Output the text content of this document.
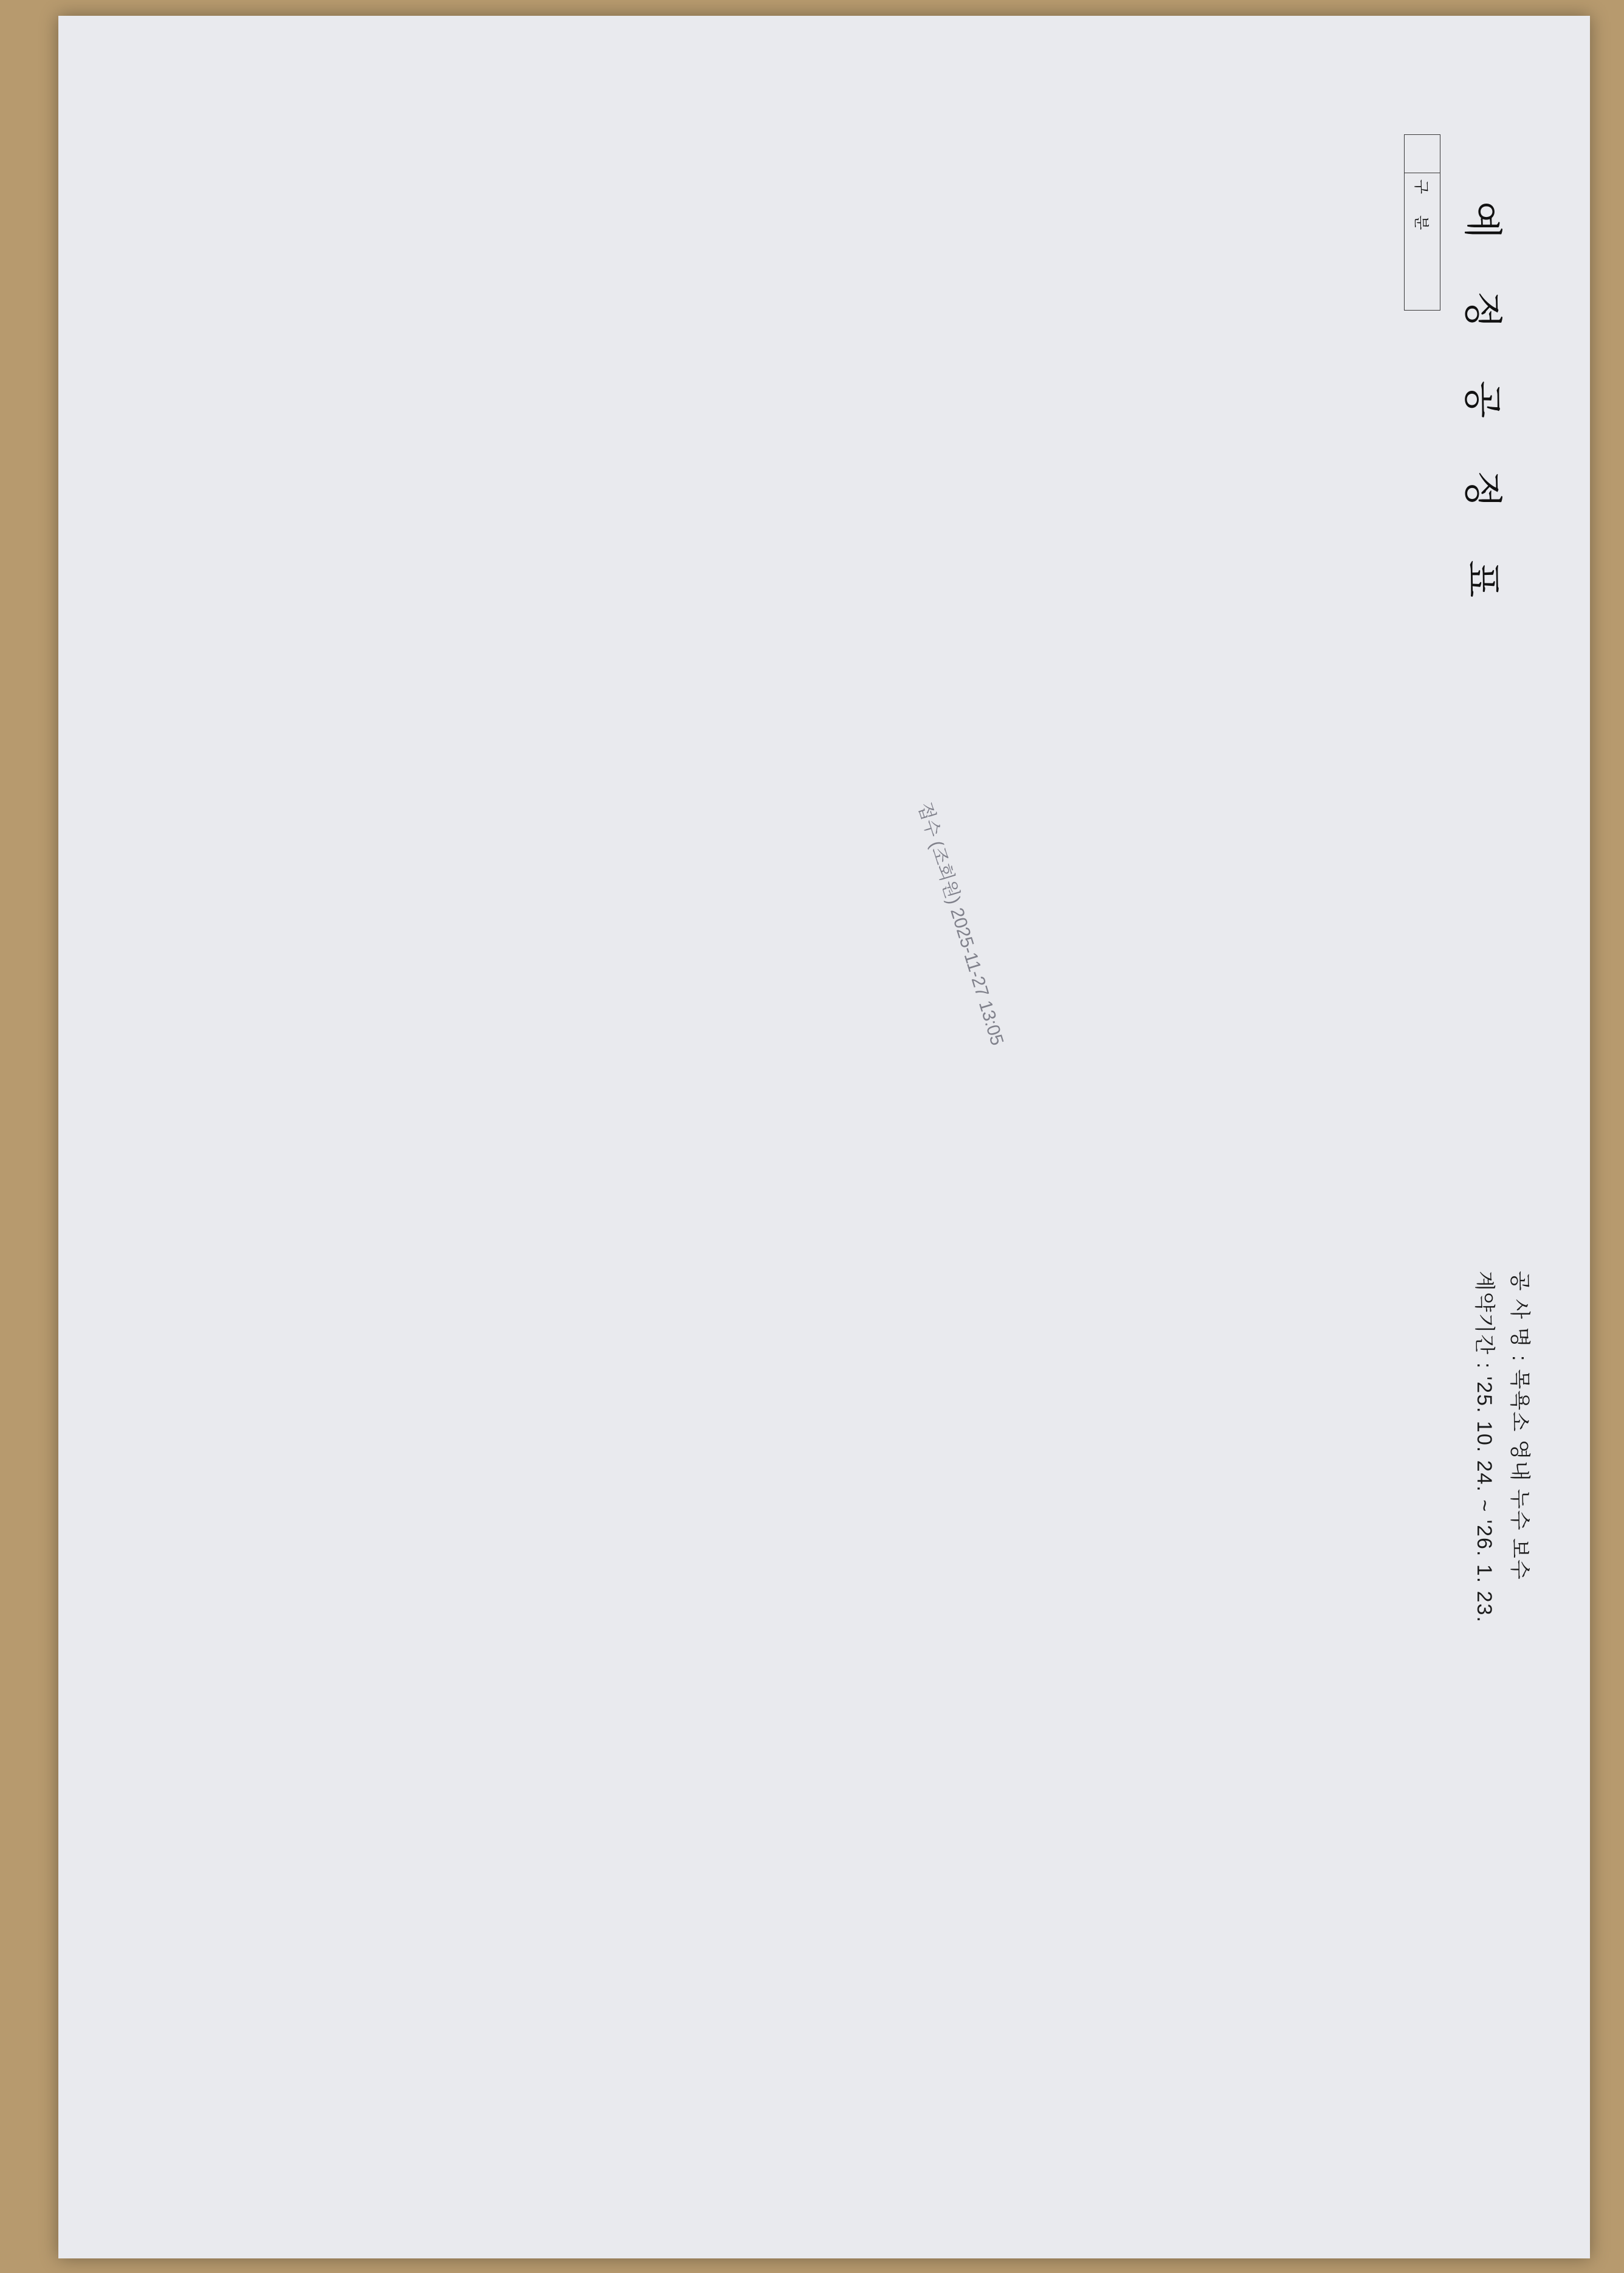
예 정 공 정 표
공 사 명 : 목욕소 영내 누수 보수
계약기간 : '25. 10. 24. ~ '26. 1. 23.
	구 분

접수 (조회원) 2025-11-27 13:05
